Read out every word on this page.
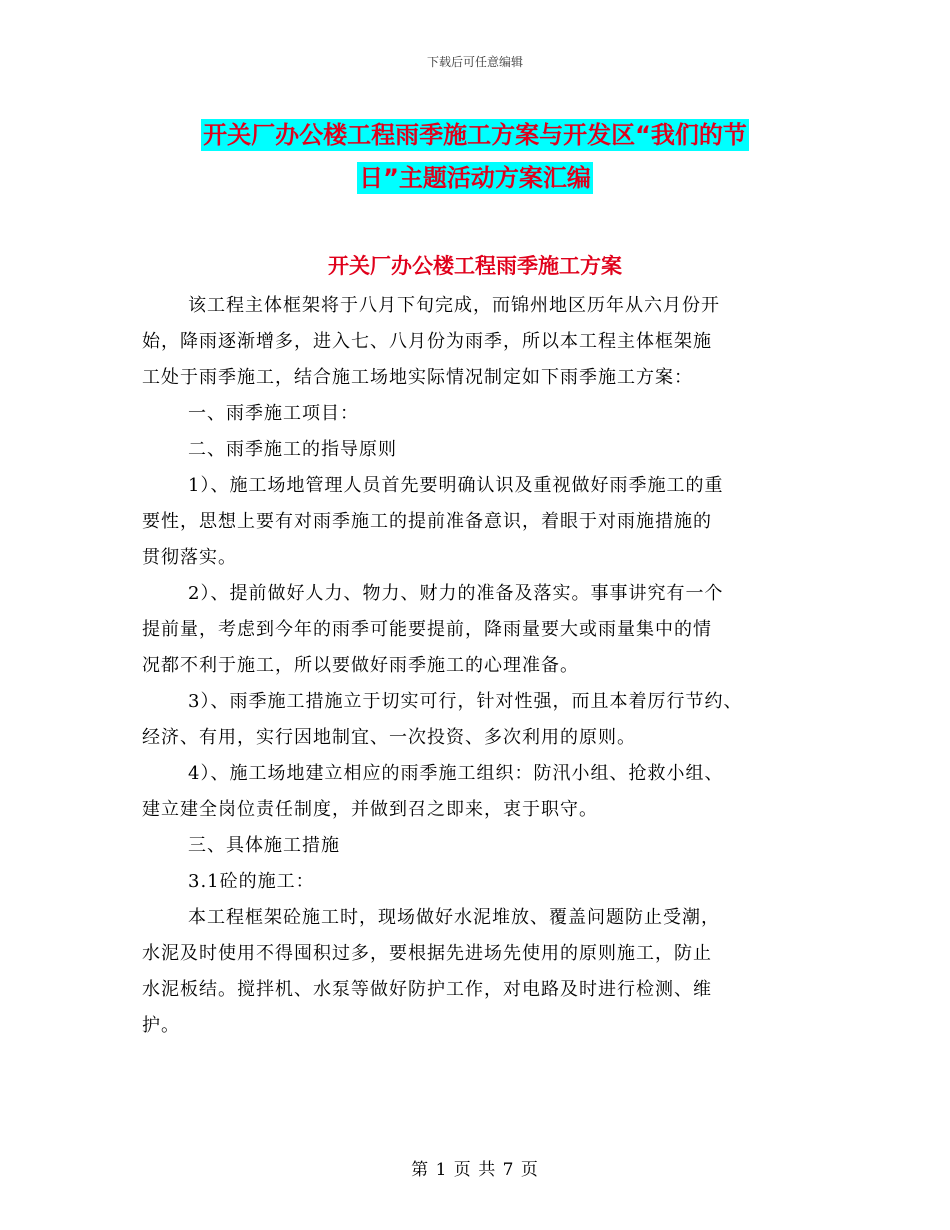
下载后可任意编辑
开关厂办公楼工程雨季施工方案与开发区“我们的节
日”主题活动方案汇编
开关厂办公楼工程雨季施工方案
该工程主体框架将于八月下旬完成，而锦州地区历年从六月份开
始，降雨逐渐增多，进入七、八月份为雨季，所以本工程主体框架施
工处于雨季施工，结合施工场地实际情况制定如下雨季施工方案：
一、雨季施工项目：
二、雨季施工的指导原则
1）、施工场地管理人员首先要明确认识及重视做好雨季施工的重
要性，思想上要有对雨季施工的提前准备意识，着眼于对雨施措施的
贯彻落实。
2）、提前做好人力、物力、财力的准备及落实。事事讲究有一个
提前量，考虑到今年的雨季可能要提前，降雨量要大或雨量集中的情
况都不利于施工，所以要做好雨季施工的心理准备。
3）、雨季施工措施立于切实可行，针对性强，而且本着厉行节约、
经济、有用，实行因地制宜、一次投资、多次利用的原则。
4）、施工场地建立相应的雨季施工组织：防汛小组、抢救小组、
建立建全岗位责任制度，并做到召之即来，衷于职守。
三、具体施工措施
3.1砼的施工：
本工程框架砼施工时，现场做好水泥堆放、覆盖问题防止受潮，
水泥及时使用不得囤积过多，要根据先进场先使用的原则施工，防止
水泥板结。搅拌机、水泵等做好防护工作，对电路及时进行检测、维
护。
第 1 页 共 7 页
